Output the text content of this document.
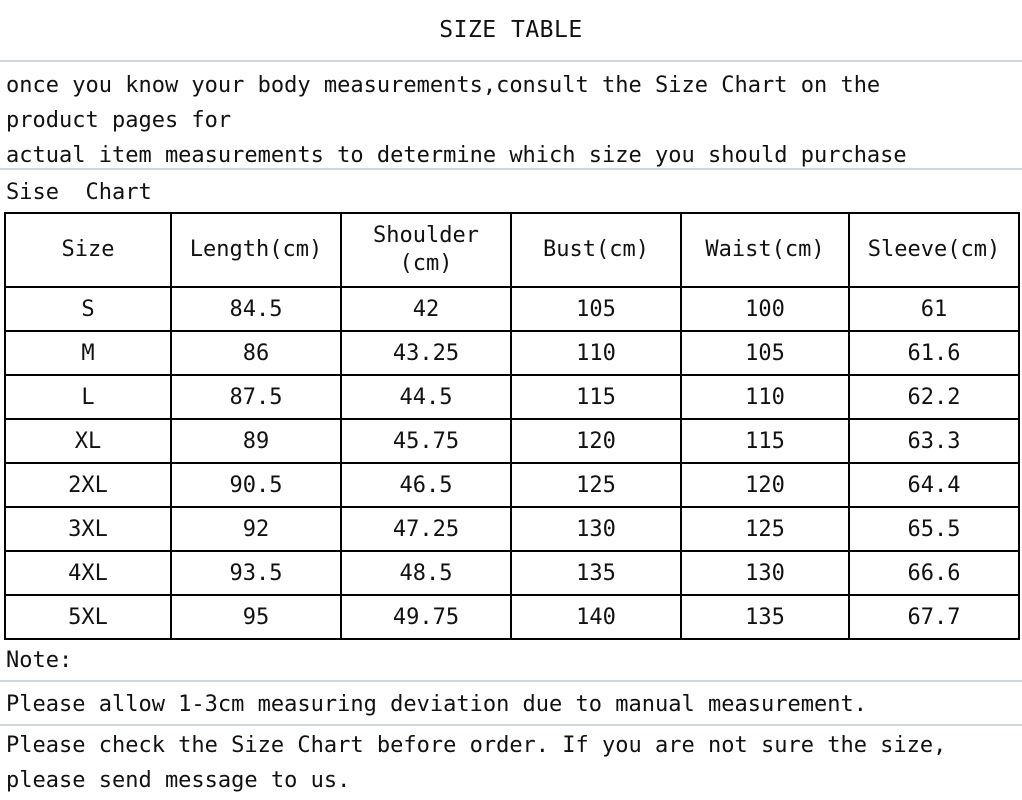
SIZE TABLE
once you know your body measurements,consult the Size Chart on the
product pages for
actual item measurements to determine which size you should purchase
Sise  Chart
Size	Length(cm)	Shoulder (cm)	Bust(cm)	Waist(cm)	Sleeve(cm)
S	84.5	42	105	100	61
M	86	43.25	110	105	61.6
L	87.5	44.5	115	110	62.2
XL	89	45.75	120	115	63.3
2XL	90.5	46.5	125	120	64.4
3XL	92	47.25	130	125	65.5
4XL	93.5	48.5	135	130	66.6
5XL	95	49.75	140	135	67.7
Note:
Please allow 1-3cm measuring deviation due to manual measurement.
Please check the Size Chart before order. If you are not sure the size, please send message to us.
